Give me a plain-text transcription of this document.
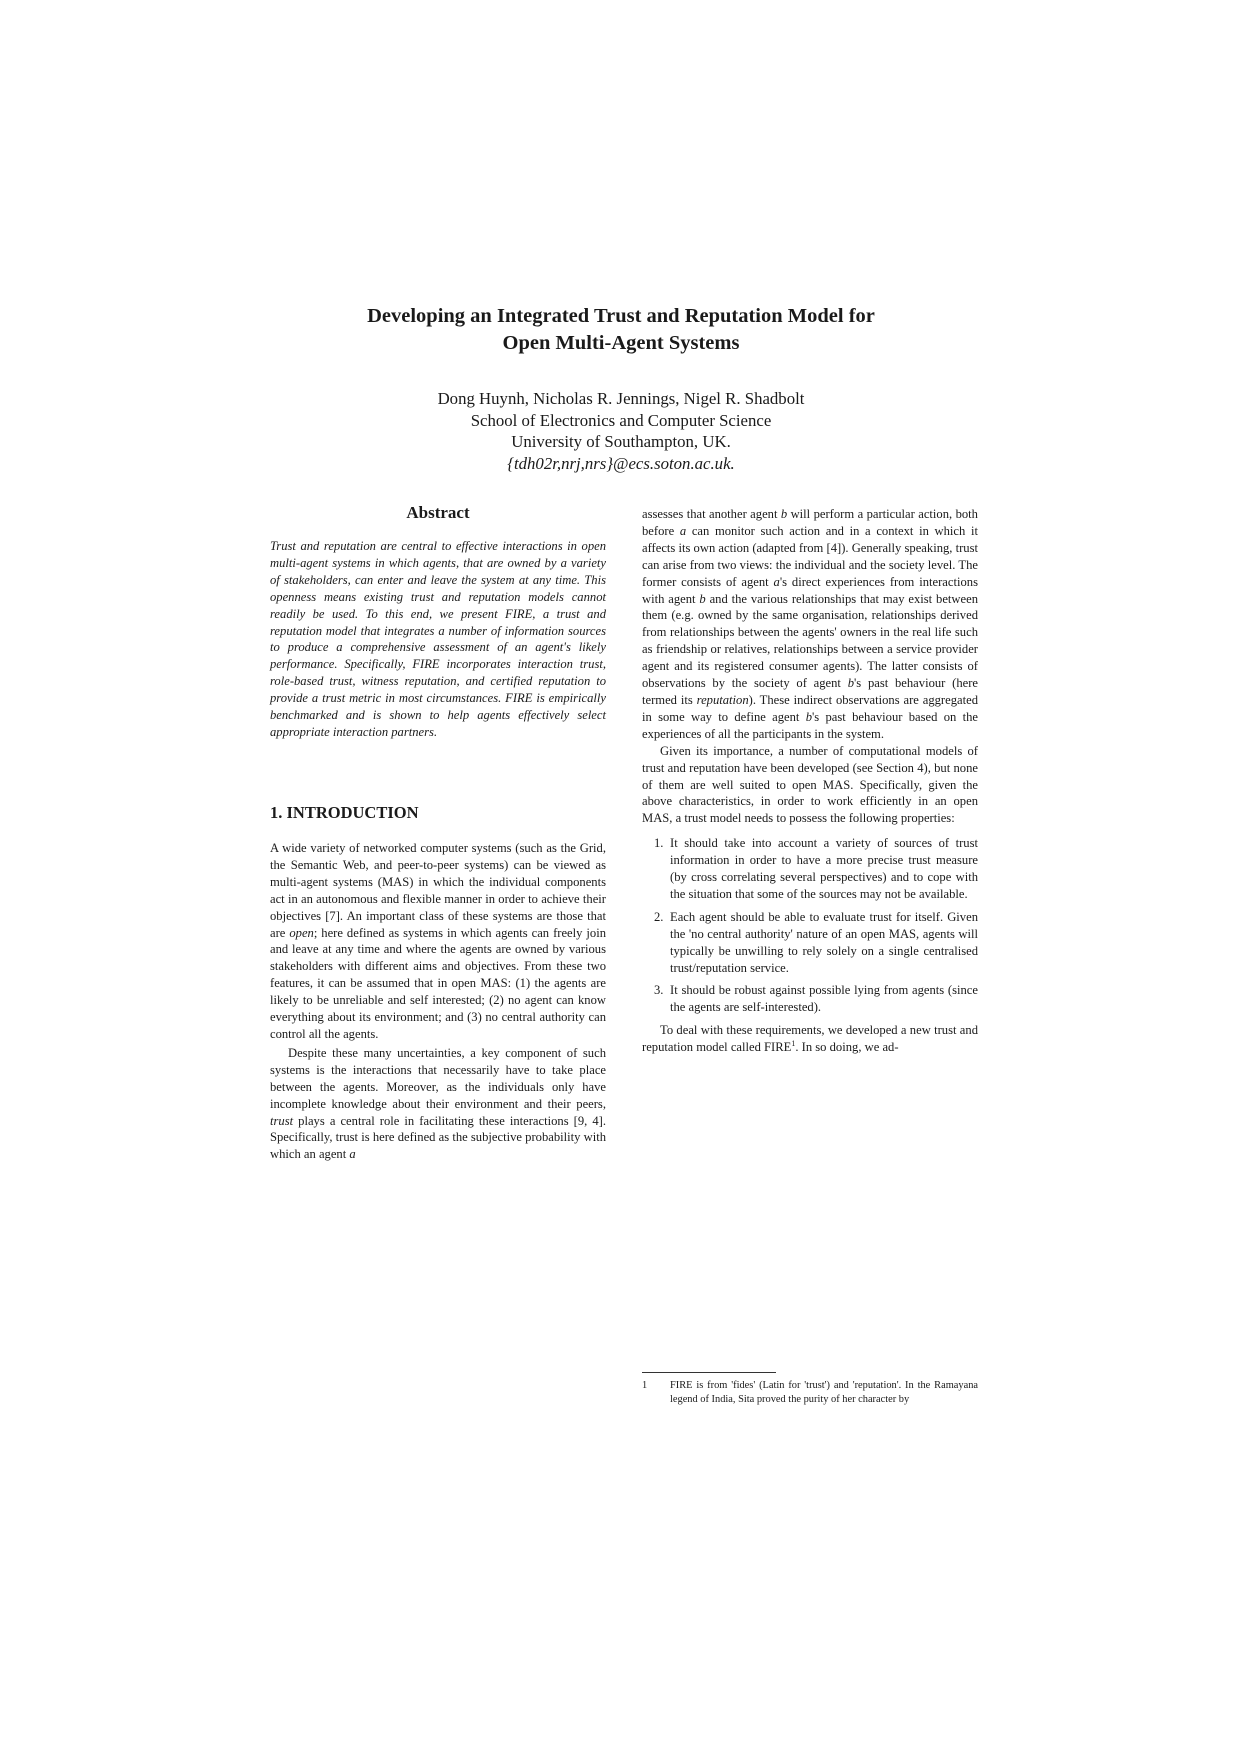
Developing an Integrated Trust and Reputation Model for
Open Multi-Agent Systems
Dong Huynh, Nicholas R. Jennings, Nigel R. Shadbolt
School of Electronics and Computer Science
University of Southampton, UK.
{tdh02r,nrj,nrs}@ecs.soton.ac.uk.
Abstract

Trust and reputation are central to effective interactions in open multi-agent systems in which agents, that are owned by a variety of stakeholders, can enter and leave the system at any time. This openness means existing trust and reputation models cannot readily be used. To this end, we present FIRE, a trust and reputation model that integrates a number of information sources to produce a comprehensive assessment of an agent's likely performance. Specifically, FIRE incorporates interaction trust, role-based trust, witness reputation, and certified reputation to provide a trust metric in most circumstances. FIRE is empirically benchmarked and is shown to help agents effectively select appropriate interaction partners.

1. INTRODUCTION

A wide variety of networked computer systems (such as the Grid, the Semantic Web, and peer-to-peer systems) can be viewed as multi-agent systems (MAS) in which the individual components act in an autonomous and flexible manner in order to achieve their objectives [7]. An important class of these systems are those that are open; here defined as systems in which agents can freely join and leave at any time and where the agents are owned by various stakeholders with different aims and objectives. From these two features, it can be assumed that in open MAS: (1) the agents are likely to be unreliable and self interested; (2) no agent can know everything about its environment; and (3) no central authority can control all the agents.

Despite these many uncertainties, a key component of such systems is the interactions that necessarily have to take place between the agents. Moreover, as the individuals only have incomplete knowledge about their environment and their peers, trust plays a central role in facilitating these interactions [9, 4]. Specifically, trust is here defined as the subjective probability with which an agent a

assesses that another agent b will perform a particular action, both before a can monitor such action and in a context in which it affects its own action (adapted from [4]). Generally speaking, trust can arise from two views: the individual and the society level. The former consists of agent a's direct experiences from interactions with agent b and the various relationships that may exist between them (e.g. owned by the same organisation, relationships derived from relationships between the agents' owners in the real life such as friendship or relatives, relationships between a service provider agent and its registered consumer agents). The latter consists of observations by the society of agent b's past behaviour (here termed its reputation). These indirect observations are aggregated in some way to define agent b's past behaviour based on the experiences of all the participants in the system.

Given its importance, a number of computational models of trust and reputation have been developed (see Section 4), but none of them are well suited to open MAS. Specifically, given the above characteristics, in order to work efficiently in an open MAS, a trust model needs to possess the following properties:

1. It should take into account a variety of sources of trust information in order to have a more precise trust measure (by cross correlating several perspectives) and to cope with the situation that some of the sources may not be available.
2. Each agent should be able to evaluate trust for itself. Given the 'no central authority' nature of an open MAS, agents will typically be unwilling to rely solely on a single centralised trust/reputation service.
3. It should be robust against possible lying from agents (since the agents are self-interested).

To deal with these requirements, we developed a new trust and reputation model called FIRE$^1$. In so doing, we ad-

1	FIRE is from 'fides' (Latin for 'trust') and 'reputation'. In the Ramayana legend of India, Sita proved the purity of her character by
